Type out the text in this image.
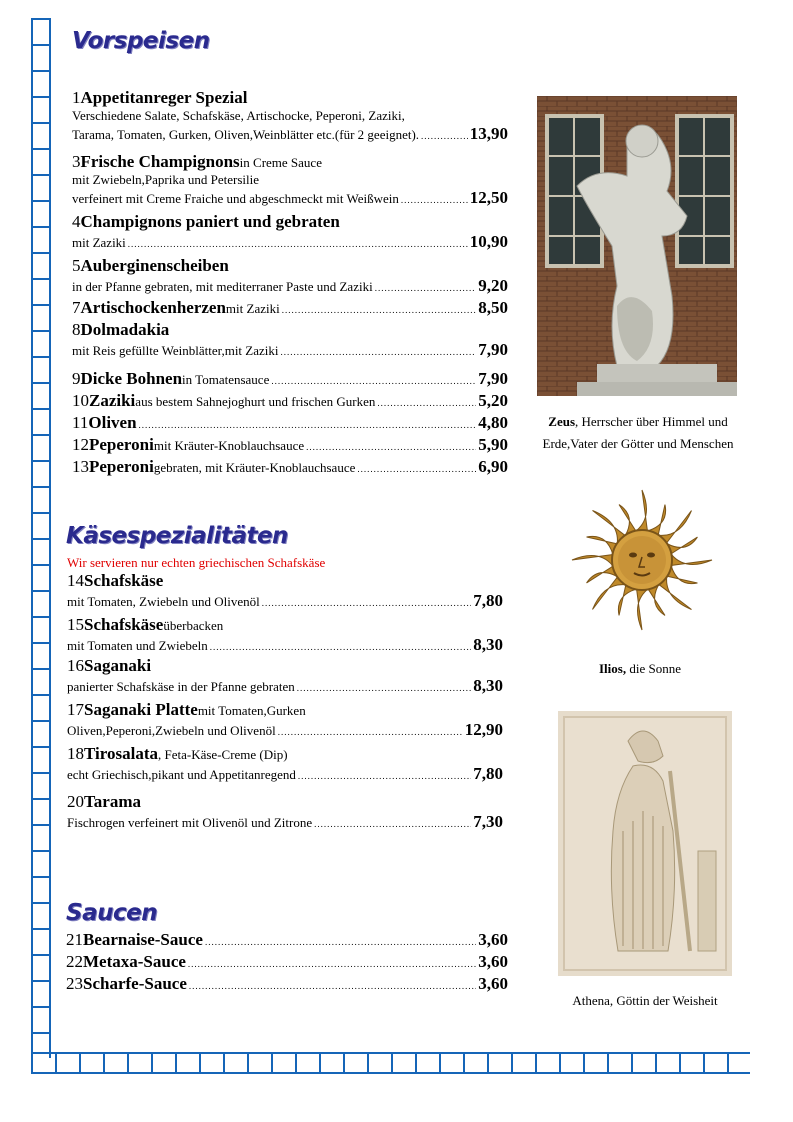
Vorspeisen
Käsespezialitäten
Saucen
Wir servieren nur echten griechischen Schafskäse
1 Appetitanreger Spezial
Verschiedene Salate, Schafskäse, Artischocke, Peperoni, Zaziki,
Tarama, Tomaten, Gurken, Oliven,Weinblätter etc.(für 2 geeignet). .....	13,90
3 Frische Champignons in Creme Sauce
mit Zwiebeln,Paprika und Petersilie
verfeinert mit Creme Fraiche und abgeschmeckt mit Weißwein .....	12,50
4 Champignons paniert und gebraten
mit Zaziki .....	10,90
5 Auberginenscheiben
in der Pfanne gebraten, mit mediterraner Paste und Zaziki .....	9,20
7 Artischockenherzen mit Zaziki .....	8,50
8 Dolmadakia
mit Reis gefüllte Weinblätter,mit Zaziki .....	7,90
9 Dicke Bohnen in Tomatensauce .....	7,90
10 Zaziki aus bestem Sahnejoghurt und frischen Gurken .....	5,20
11 Oliven .....	4,80
12 Peperoni mit Kräuter-Knoblauchsauce .....	5,90
13 Peperoni gebraten, mit Kräuter-Knoblauchsauce .....	6,90
14 Schafskäse
mit Tomaten, Zwiebeln und Olivenöl .....	7,80
15 Schafskäse überbacken
mit Tomaten und Zwiebeln .....	8,30
16 Saganaki
panierter Schafskäse in der Pfanne gebraten .....	8,30
17 Saganaki Platte mit Tomaten,Gurken
Oliven,Peperoni,Zwiebeln und Olivenöl .....	12,90
18 Tirosalata , Feta-Käse-Creme (Dip)
echt Griechisch,pikant und Appetitanregend .....	7,80
20 Tarama
Fischrogen verfeinert mit Olivenöl und Zitrone .....	7,30
21 Bearnaise-Sauce .....	3,60
22 Metaxa-Sauce .....	3,60
23 Scharfe-Sauce .....	3,60
Zeus, Herrscher über Himmel und
Erde,Vater der Götter und Menschen
Ilios, die Sonne
Athena, Göttin der Weisheit
